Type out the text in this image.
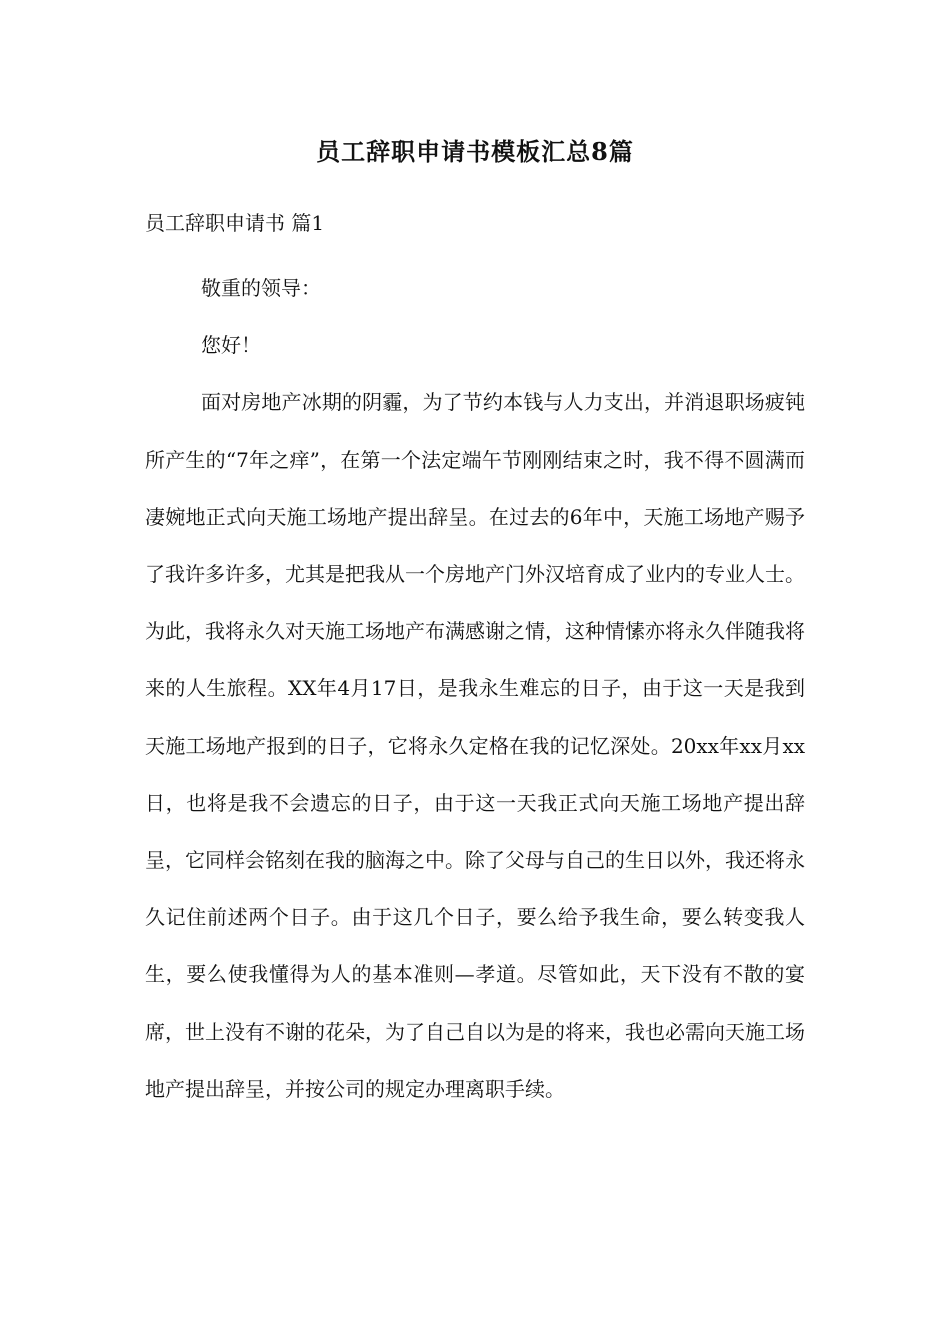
员工辞职申请书模板汇总8篇
员工辞职申请书 篇1

敬重的领导：

您好！

面对房地产冰期的阴霾，为了节约本钱与人力支出，并消退职场疲钝所产生的“7年之痒”，在第一个法定端午节刚刚结束之时，我不得不圆满而凄婉地正式向天施工场地产提出辞呈。在过去的6年中，天施工场地产赐予了我许多许多，尤其是把我从一个房地产门外汉培育成了业内的专业人士。为此，我将永久对天施工场地产布满感谢之情，这种情愫亦将永久伴随我将来的人生旅程。XX年4月17日，是我永生难忘的日子，由于这一天是我到天施工场地产报到的日子，它将永久定格在我的记忆深处。20xx年xx月xx日，也将是我不会遗忘的日子，由于这一天我正式向天施工场地产提出辞呈，它同样会铭刻在我的脑海之中。除了父母与自己的生日以外，我还将永久记住前述两个日子。由于这几个日子，要么给予我生命，要么转变我人生，要么使我懂得为人的基本准则—孝道。尽管如此，天下没有不散的宴席，世上没有不谢的花朵，为了自己自以为是的将来，我也必需向天施工场地产提出辞呈，并按公司的规定办理离职手续。
